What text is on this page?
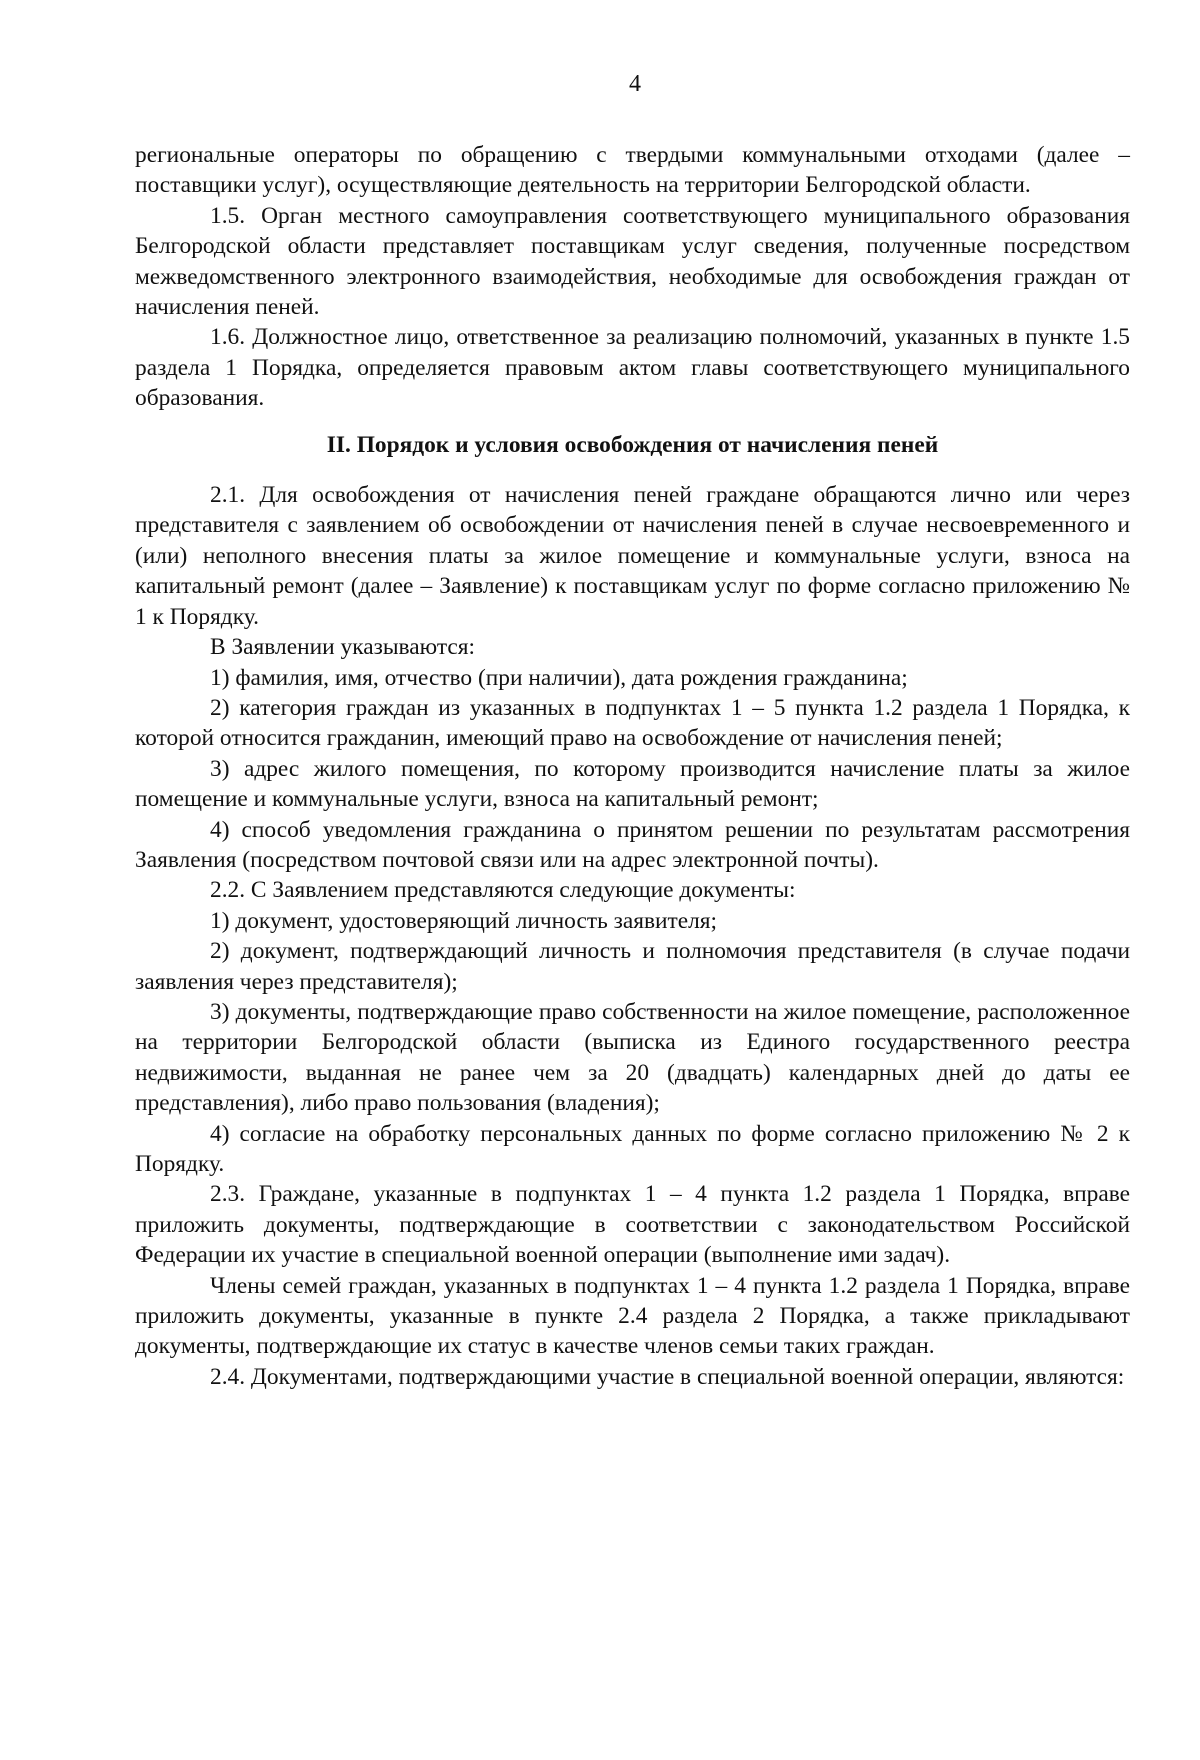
4

региональные операторы по обращению с твердыми коммунальными отходами (далее – поставщики услуг), осуществляющие деятельность на территории Белгородской области.

1.5. Орган местного самоуправления соответствующего муниципального образования Белгородской области представляет поставщикам услуг сведения, полученные посредством межведомственного электронного взаимодействия, необходимые для освобождения граждан от начисления пеней.

1.6. Должностное лицо, ответственное за реализацию полномочий, указанных в пункте 1.5 раздела 1 Порядка, определяется правовым актом главы соответствующего муниципального образования.

II. Порядок и условия освобождения от начисления пеней

2.1. Для освобождения от начисления пеней граждане обращаются лично или через представителя с заявлением об освобождении от начисления пеней в случае несвоевременного и (или) неполного внесения платы за жилое помещение и коммунальные услуги, взноса на капитальный ремонт (далее – Заявление) к поставщикам услуг по форме согласно приложению № 1 к Порядку.

В Заявлении указываются:

1) фамилия, имя, отчество (при наличии), дата рождения гражданина;

2) категория граждан из указанных в подпунктах 1 – 5 пункта 1.2 раздела 1 Порядка, к которой относится гражданин, имеющий право на освобождение от начисления пеней;

3) адрес жилого помещения, по которому производится начисление платы за жилое помещение и коммунальные услуги, взноса на капитальный ремонт;

4) способ уведомления гражданина о принятом решении по результатам рассмотрения Заявления (посредством почтовой связи или на адрес электронной почты).

2.2. С Заявлением представляются следующие документы:

1) документ, удостоверяющий личность заявителя;

2) документ, подтверждающий личность и полномочия представителя (в случае подачи заявления через представителя);

3) документы, подтверждающие право собственности на жилое помещение, расположенное на территории Белгородской области (выписка из Единого государственного реестра недвижимости, выданная не ранее чем за 20 (двадцать) календарных дней до даты ее представления), либо право пользования (владения);

4) согласие на обработку персональных данных по форме согласно приложению № 2 к Порядку.

2.3. Граждане, указанные в подпунктах 1 – 4 пункта 1.2 раздела 1 Порядка, вправе приложить документы, подтверждающие в соответствии с законодательством Российской Федерации их участие в специальной военной операции (выполнение ими задач).

Члены семей граждан, указанных в подпунктах 1 – 4 пункта 1.2 раздела 1 Порядка, вправе приложить документы, указанные в пункте 2.4 раздела 2 Порядка, а также прикладывают документы, подтверждающие их статус в качестве членов семьи таких граждан.

2.4. Документами, подтверждающими участие в специальной военной операции, являются:
